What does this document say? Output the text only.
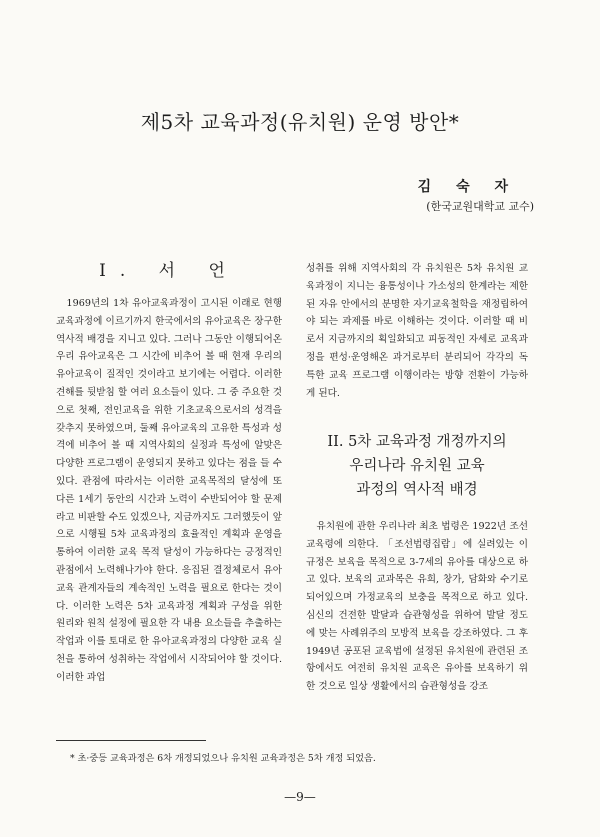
제5차 교육과정(유치원) 운영 방안*
김 숙 자
(한국교원대학교 교수)
I. 서 언

1969년의 1차 유아교육과정이 고시된 이래로 현행 교육과정에 이르기까지 한국에서의 유아교육은 장구한 역사적 배경을 지니고 있다. 그러나 그동안 이행되어온 우리 유아교육은 그 시간에 비추어 볼 때 현재 우리의 유아교육이 질적인 것이라고 보기에는 어렵다. 이러한 견해를 뒷받침 할 여러 요소들이 있다. 그 중 주요한 것으로 첫째, 전인교육을 위한 기초교육으로서의 성격을 갖추지 못하였으며, 둘째 유아교육의 고유한 특성과 성격에 비추어 볼 때 지역사회의 실정과 특성에 알맞은 다양한 프로그램이 운영되지 못하고 있다는 점을 들 수 있다. 관점에 따라서는 이러한 교육목적의 달성에 또 다른 1세기 동안의 시간과 노력이 수반되어야 할 문제라고 비판할 수도 있겠으나, 지금까지도 그러했듯이 앞으로 시행될 5차 교육과정의 효율적인 계획과 운영을 통하여 이러한 교육 목적 달성이 가능하다는 긍정적인 관점에서 노력해나가야 한다. 응집된 결정체로서 유아교육 관계자들의 계속적인 노력을 필요로 한다는 것이다. 이러한 노력은 5차 교육과정 계획과 구성을 위한 원리와 원칙 설정에 필요한 각 내용 요소들을 추출하는 작업과 이를 토대로 한 유아교육과정의 다양한 교육 실천을 통하여 성취하는 작업에서 시작되어야 할 것이다. 이러한 과업

성취를 위해 지역사회의 각 유치원은 5차 유치원 교육과정이 지니는 융통성이나 가소성의 한계라는 제한된 자유 안에서의 분명한 자기교육철학을 재정립하여야 되는 과제를 바로 이해하는 것이다. 이러할 때 비로서 지금까지의 획일화되고 피동적인 자세로 교육과정을 편성·운영해온 과거로부터 분리되어 각각의 독특한 교육 프로그램 이행이라는 방향 전환이 가능하게 된다.

II. 5차 교육과정 개정까지의
우리나라 유치원 교육
과정의 역사적 배경

유치원에 관한 우리나라 최초 법령은 1922년 조선교육령에 의한다. 「조선법령집람」에 실려있는 이 규정은 보육을 목적으로 3-7세의 유아를 대상으로 하고 있다. 보육의 교과목은 유희, 창가, 담화와 수기로 되어있으며 가정교육의 보충을 목적으로 하고 있다. 심신의 건전한 발달과 습관형성을 위하여 발달 정도에 맞는 사례위주의 모방적 보육을 강조하였다. 그 후 1949년 공포된 교육법에 설정된 유치원에 관련된 조항에서도 여전히 유치원 교육은 유아를 보육하기 위한 것으로 일상 생활에서의 습관형성을 강조

* 초·중등 교육과정은 6차 개정되었으나 유치원 교육과정은 5차 개정 되었음.
—9—
